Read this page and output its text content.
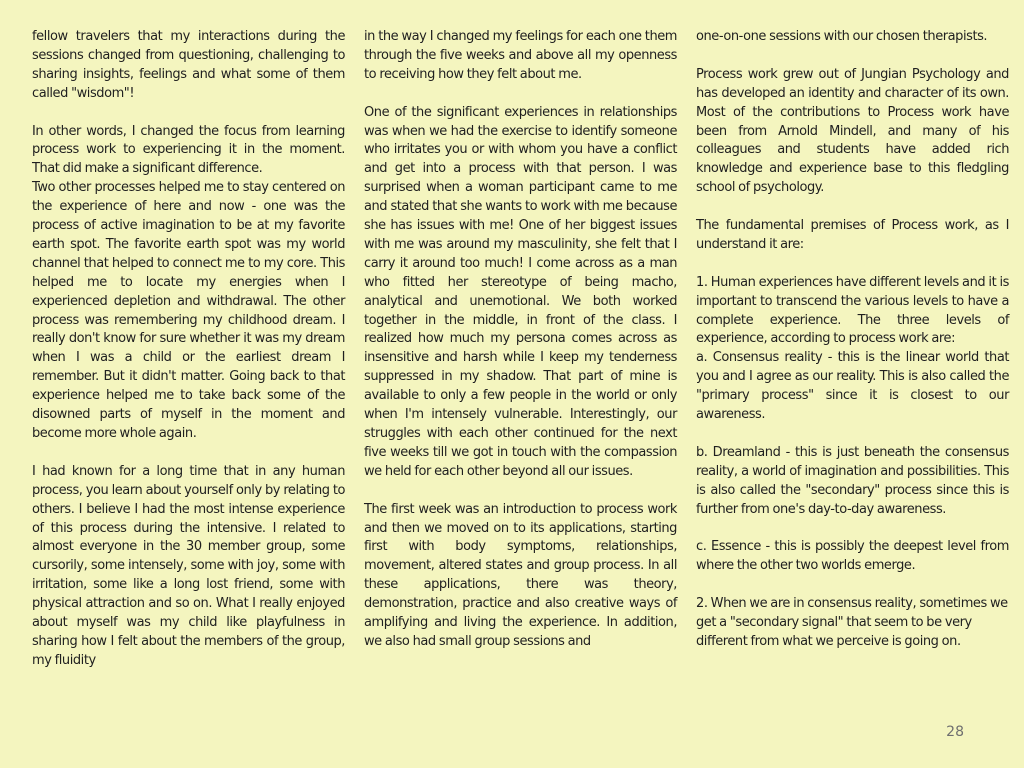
fellow travelers that my interactions during the sessions changed from questioning, challenging to sharing insights, feelings and what some of them called "wisdom"!

In other words, I changed the focus from learning process work to experiencing it in the moment. That did make a significant difference.

Two other processes helped me to stay centered on the experience of here and now - one was the process of active imagination to be at my favorite earth spot. The favorite earth spot was my world channel that helped to connect me to my core. This helped me to locate my energies when I experienced depletion and withdrawal. The other process was remembering my childhood dream. I really don't know for sure whether it was my dream when I was a child or the earliest dream I remember. But it didn't matter. Going back to that experience helped me to take back some of the disowned parts of myself in the moment and become more whole again.

I had known for a long time that in any human process, you learn about yourself only by relating to others. I believe I had the most intense experience of this process during the intensive. I related to almost everyone in the 30 member group, some cursorily, some intensely, some with joy, some with irritation, some like a long lost friend, some with physical attraction and so on. What I really enjoyed about myself was my child like playfulness in sharing how I felt about the members of the group, my fluidity

in the way I changed my feelings for each one them through the five weeks and above all my openness to receiving how they felt about me.

One of the significant experiences in relationships was when we had the exercise to identify someone who irritates you or with whom you have a conflict and get into a process with that person. I was surprised when a woman participant came to me and stated that she wants to work with me because she has issues with me! One of her biggest issues with me was around my masculinity, she felt that I carry it around too much! I come across as a man who fitted her stereotype of being macho, analytical and unemotional. We both worked together in the middle, in front of the class. I realized how much my persona comes across as insensitive and harsh while I keep my tenderness suppressed in my shadow. That part of mine is available to only a few people in the world or only when I'm intensely vulnerable. Interestingly, our struggles with each other continued for the next five weeks till we got in touch with the compassion we held for each other beyond all our issues.

The first week was an introduction to process work and then we moved on to its applications, starting first with body symptoms, relationships, movement, altered states and group process. In all these applications, there was theory, demonstration, practice and also creative ways of amplifying and living the experience. In addition, we also had small group sessions and

one-on-one sessions with our chosen therapists.

Process work grew out of Jungian Psychology and has developed an identity and character of its own. Most of the contributions to Process work have been from Arnold Mindell, and many of his colleagues and students have added rich knowledge and experience base to this fledgling school of psychology.

The fundamental premises of Process work, as I understand it are:

1. Human experiences have different levels and it is important to transcend the various levels to have a complete experience. The three levels of experience, according to process work are:

a. Consensus reality - this is the linear world that you and I agree as our reality. This is also called the "primary process" since it is closest to our awareness.

b. Dreamland - this is just beneath the consensus reality, a world of imagination and possibilities. This is also called the "secondary" process since this is further from one's day-to-day awareness.

c. Essence - this is possibly the deepest level from where the other two worlds emerge.

2. When we are in consensus reality, sometimes we get a "secondary signal" that seem to be very different from what we perceive is going on.

28
